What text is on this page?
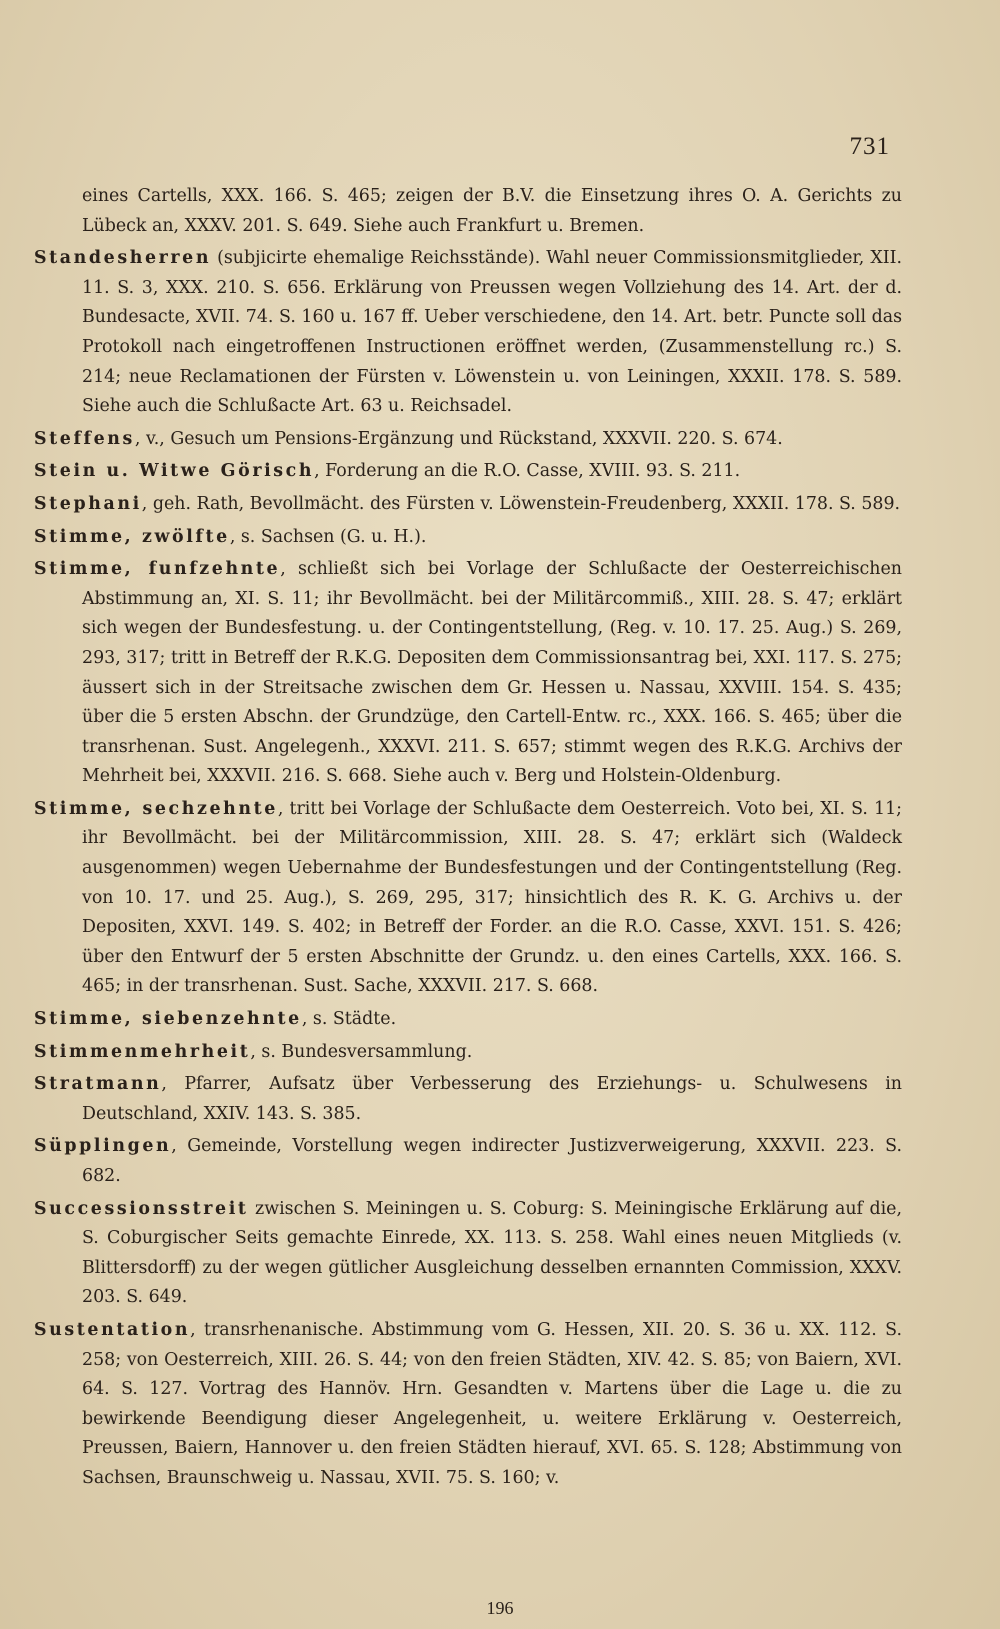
731

eines Cartells, XXX. 166. S. 465; zeigen der B.V. die Einsetzung ihres O. A. Gerichts zu Lübeck an, XXXV. 201. S. 649. Siehe auch Frankfurt u. Bremen.

Standesherren (subjicirte ehemalige Reichsstände). Wahl neuer Commissionsmitglieder, XII. 11. S. 3, XXX. 210. S. 656. Erklärung von Preussen wegen Vollziehung des 14. Art. der d. Bundesacte, XVII. 74. S. 160 u. 167 ff. Ueber verschiedene, den 14. Art. betr. Puncte soll das Protokoll nach eingetroffenen Instructionen eröffnet werden, (Zusammenstellung rc.) S. 214; neue Reclamationen der Fürsten v. Löwenstein u. von Leiningen, XXXII. 178. S. 589. Siehe auch die Schlußacte Art. 63 u. Reichsadel.

Steffens, v., Gesuch um Pensions-Ergänzung und Rückstand, XXXVII. 220. S. 674.

Stein u. Witwe Görisch, Forderung an die R.O. Casse, XVIII. 93. S. 211.

Stephani, geh. Rath, Bevollmächt. des Fürsten v. Löwenstein-Freudenberg, XXXII. 178. S. 589.

Stimme, zwölfte, s. Sachsen (G. u. H.).

Stimme, funfzehnte, schließt sich bei Vorlage der Schlußacte der Oesterreichischen Abstimmung an, XI. S. 11; ihr Bevollmächt. bei der Militärcommiß., XIII. 28. S. 47; erklärt sich wegen der Bundesfestung. u. der Contingentstellung, (Reg. v. 10. 17. 25. Aug.) S. 269, 293, 317; tritt in Betreff der R.K.G. Depositen dem Commissionsantrag bei, XXI. 117. S. 275; äussert sich in der Streitsache zwischen dem Gr. Hessen u. Nassau, XXVIII. 154. S. 435; über die 5 ersten Abschn. der Grundzüge, den Cartell-Entw. rc., XXX. 166. S. 465; über die transrhenan. Sust. Angelegenh., XXXVI. 211. S. 657; stimmt wegen des R.K.G. Archivs der Mehrheit bei, XXXVII. 216. S. 668. Siehe auch v. Berg und Holstein-Oldenburg.

Stimme, sechzehnte, tritt bei Vorlage der Schlußacte dem Oesterreich. Voto bei, XI. S. 11; ihr Bevollmächt. bei der Militärcommission, XIII. 28. S. 47; erklärt sich (Waldeck ausgenommen) wegen Uebernahme der Bundesfestungen und der Contingentstellung (Reg. von 10. 17. und 25. Aug.), S. 269, 295, 317; hinsichtlich des R. K. G. Archivs u. der Depositen, XXVI. 149. S. 402; in Betreff der Forder. an die R.O. Casse, XXVI. 151. S. 426; über den Entwurf der 5 ersten Abschnitte der Grundz. u. den eines Cartells, XXX. 166. S. 465; in der transrhenan. Sust. Sache, XXXVII. 217. S. 668.

Stimme, siebenzehnte, s. Städte.

Stimmenmehrheit, s. Bundesversammlung.

Stratmann, Pfarrer, Aufsatz über Verbesserung des Erziehungs- u. Schulwesens in Deutschland, XXIV. 143. S. 385.

Süpplingen, Gemeinde, Vorstellung wegen indirecter Justizverweigerung, XXXVII. 223. S. 682.

Successionsstreit zwischen S. Meiningen u. S. Coburg: S. Meiningische Erklärung auf die, S. Coburgischer Seits gemachte Einrede, XX. 113. S. 258. Wahl eines neuen Mitglieds (v. Blittersdorff) zu der wegen gütlicher Ausgleichung desselben ernannten Commission, XXXV. 203. S. 649.

Sustentation, transrhenanische. Abstimmung vom G. Hessen, XII. 20. S. 36 u. XX. 112. S. 258; von Oesterreich, XIII. 26. S. 44; von den freien Städten, XIV. 42. S. 85; von Baiern, XVI. 64. S. 127. Vortrag des Hannöv. Hrn. Gesandten v. Martens über die Lage u. die zu bewirkende Beendigung dieser Angelegenheit, u. weitere Erklärung v. Oesterreich, Preussen, Baiern, Hannover u. den freien Städten hierauf, XVI. 65. S. 128; Abstimmung von Sachsen, Braunschweig u. Nassau, XVII. 75. S. 160; v.

196
